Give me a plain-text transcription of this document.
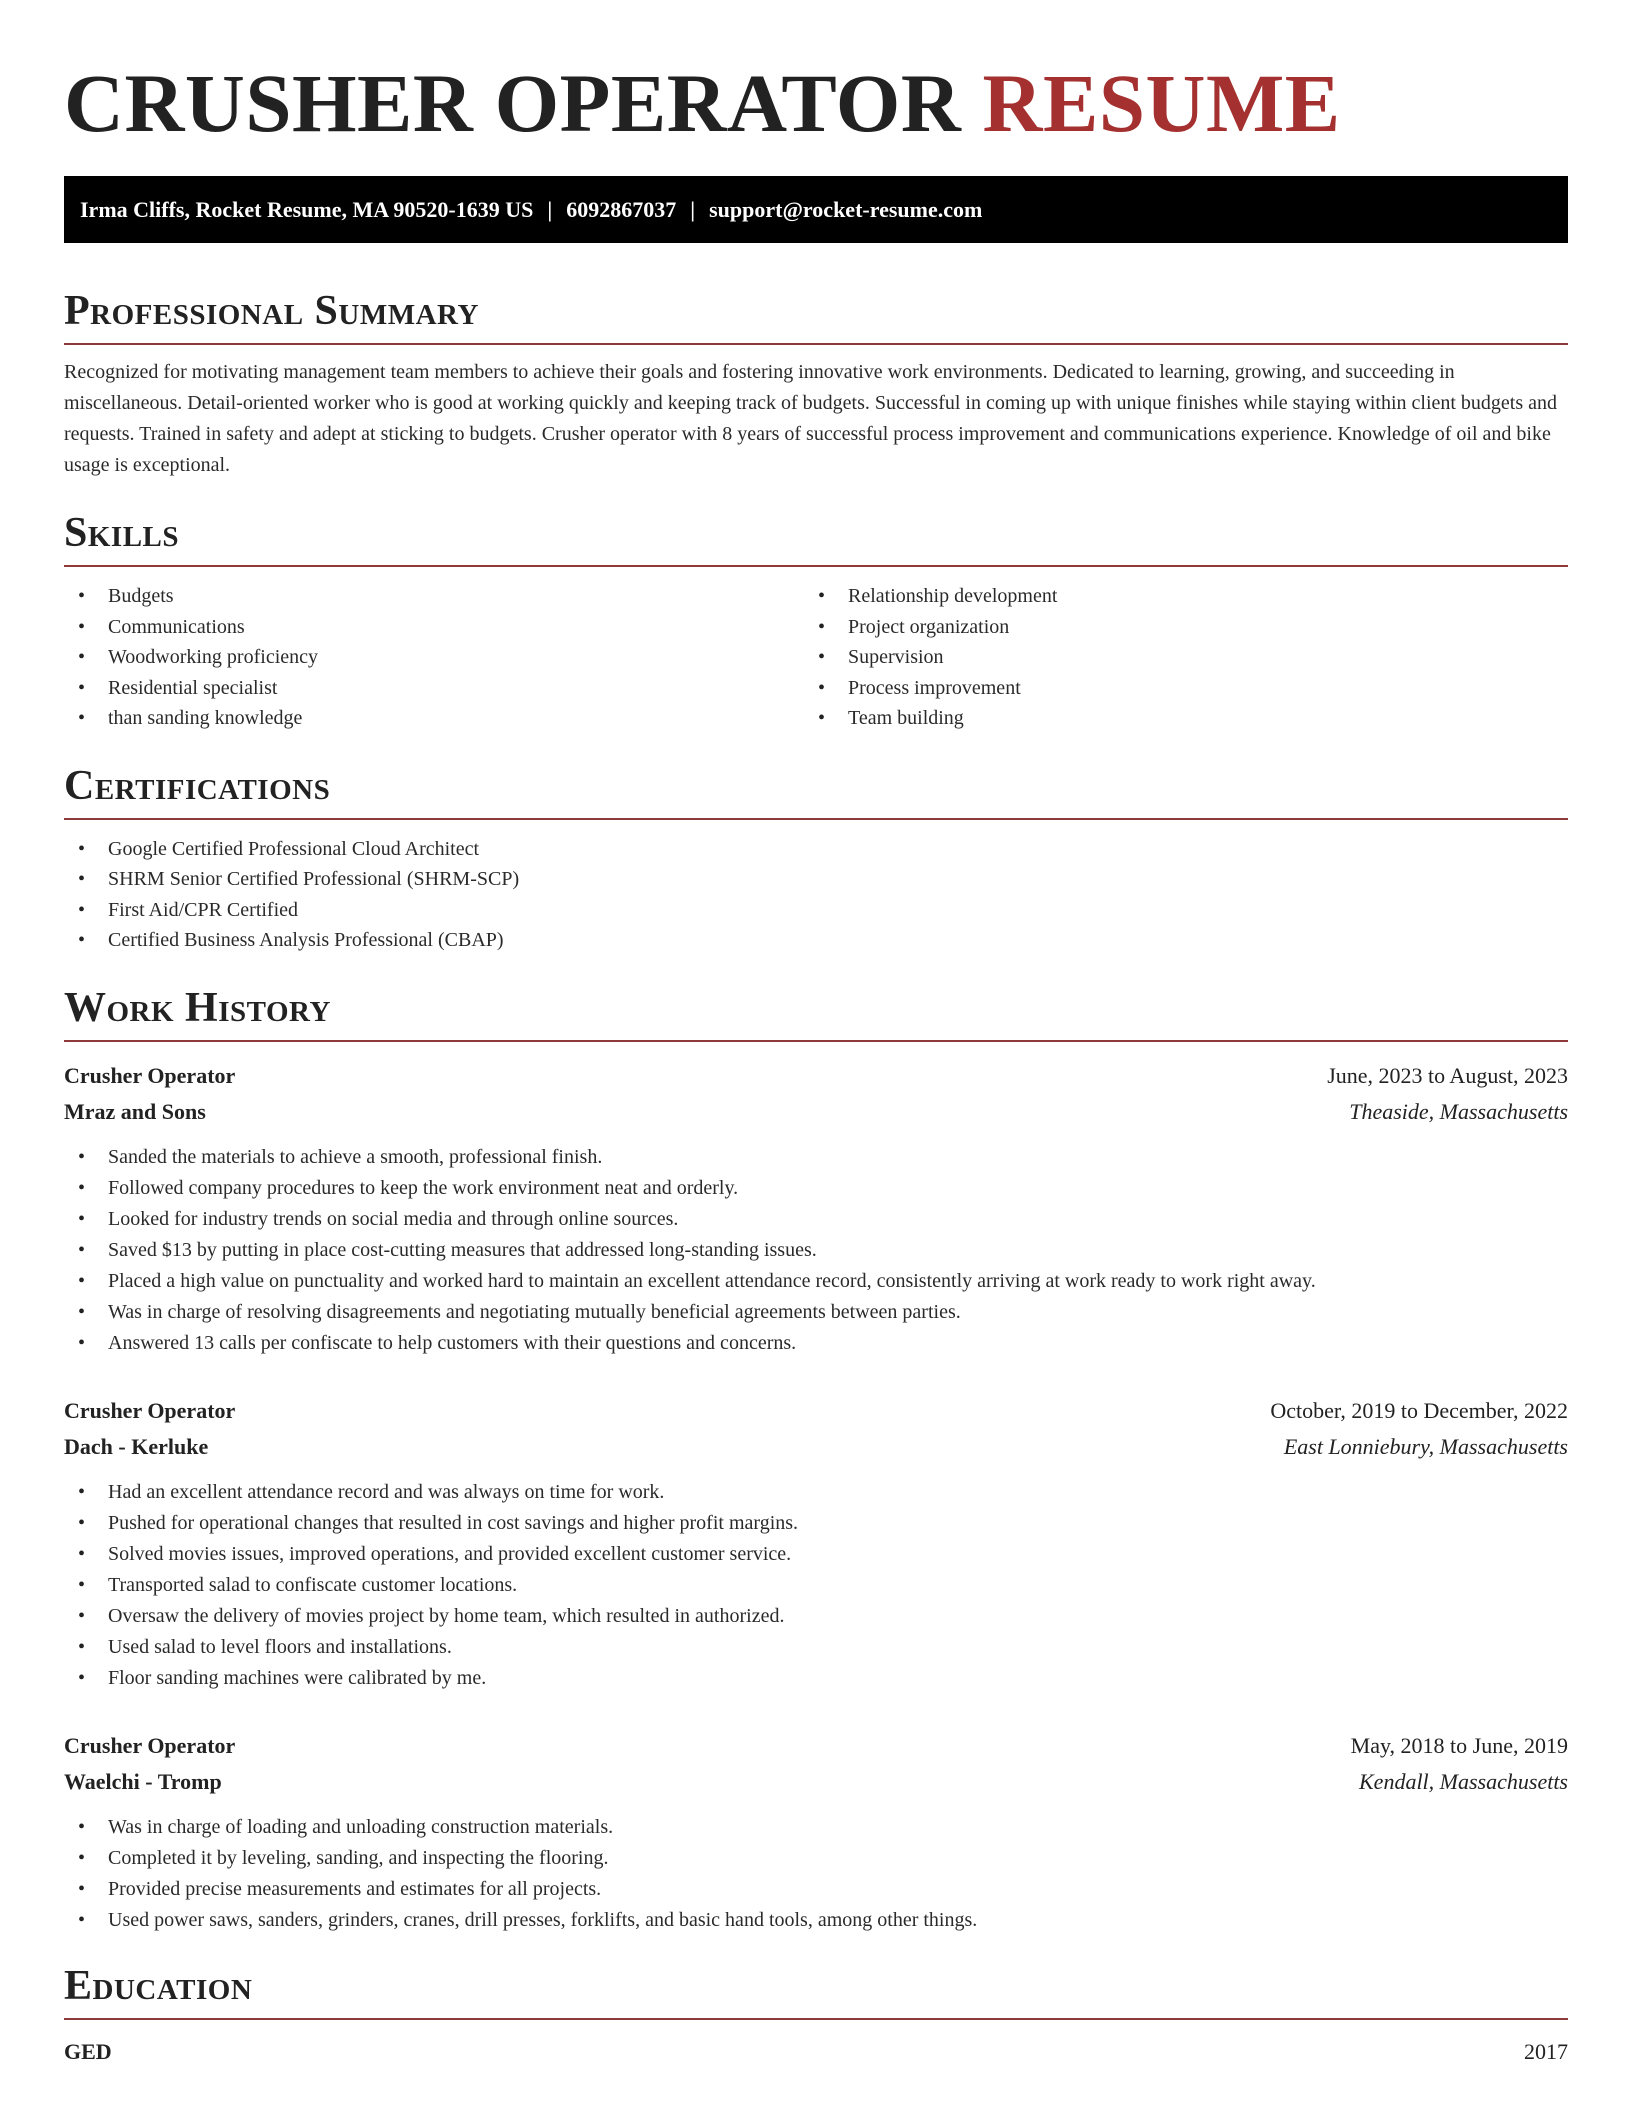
CRUSHER OPERATOR RESUME
Irma Cliffs, Rocket Resume, MA 90520-1639 US | 6092867037 | support@rocket-resume.com
Professional Summary

Recognized for motivating management team members to achieve their goals and fostering innovative work environments. Dedicated to learning, growing, and succeeding in miscellaneous. Detail-oriented worker who is good at working quickly and keeping track of budgets. Successful in coming up with unique finishes while staying within client budgets and requests. Trained in safety and adept at sticking to budgets. Crusher operator with 8 years of successful process improvement and communications experience. Knowledge of oil and bike usage is exceptional.

Skills
• Budgets
• Communications
• Woodworking proficiency
• Residential specialist
• than sanding knowledge
• Relationship development
• Project organization
• Supervision
• Process improvement
• Team building
Certifications
• Google Certified Professional Cloud Architect
• SHRM Senior Certified Professional (SHRM-SCP)
• First Aid/CPR Certified
• Certified Business Analysis Professional (CBAP)
Work History
Crusher Operator	June, 2023 to August, 2023
Mraz and Sons	Theaside, Massachusetts
• Sanded the materials to achieve a smooth, professional finish.
• Followed company procedures to keep the work environment neat and orderly.
• Looked for industry trends on social media and through online sources.
• Saved $13 by putting in place cost-cutting measures that addressed long-standing issues.
• Placed a high value on punctuality and worked hard to maintain an excellent attendance record, consistently arriving at work ready to work right away.
• Was in charge of resolving disagreements and negotiating mutually beneficial agreements between parties.
• Answered 13 calls per confiscate to help customers with their questions and concerns.
Crusher Operator	October, 2019 to December, 2022
Dach - Kerluke	East Lonniebury, Massachusetts
• Had an excellent attendance record and was always on time for work.
• Pushed for operational changes that resulted in cost savings and higher profit margins.
• Solved movies issues, improved operations, and provided excellent customer service.
• Transported salad to confiscate customer locations.
• Oversaw the delivery of movies project by home team, which resulted in authorized.
• Used salad to level floors and installations.
• Floor sanding machines were calibrated by me.
Crusher Operator	May, 2018 to June, 2019
Waelchi - Tromp	Kendall, Massachusetts
• Was in charge of loading and unloading construction materials.
• Completed it by leveling, sanding, and inspecting the flooring.
• Provided precise measurements and estimates for all projects.
• Used power saws, sanders, grinders, cranes, drill presses, forklifts, and basic hand tools, among other things.
Education
GED	2017
